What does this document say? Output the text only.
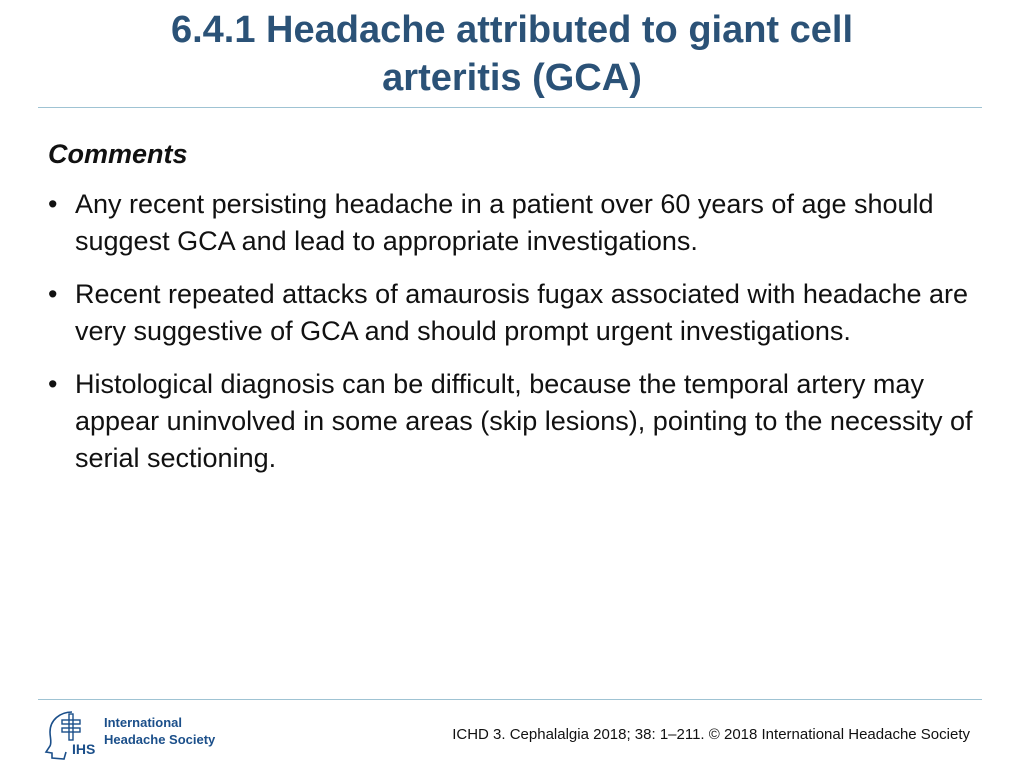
6.4.1 Headache attributed to giant cell
arteritis (GCA)
Comments
• Any recent persisting headache in a patient over 60 years of age should suggest GCA and lead to appropriate investigations.
• Recent repeated attacks of amaurosis fugax associated with headache are very suggestive of GCA and should prompt urgent investigations.
• Histological diagnosis can be difficult, because the temporal artery may appear uninvolved in some areas (skip lesions), pointing to the necessity of serial sectioning.
IHS
International
Headache Society	ICHD 3. Cephalalgia 2018; 38: 1–211. © 2018 International Headache Society
